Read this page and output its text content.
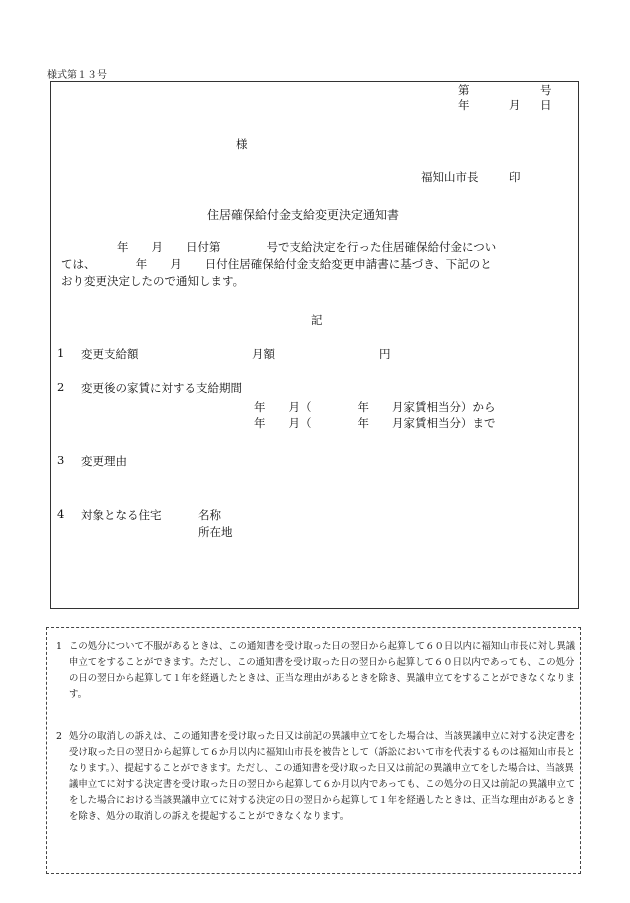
様式第１３号
第	号
年	月 日
様
福知山市長	印
住居確保給付金支給変更決定通知書
年　　月　　日付第　　　　号で支給決定を行った住居確保給付金につい
ては、　　　　年　　月　　日付住居確保給付金支給変更申請書に基づき、下記のと
おり変更決定したので通知します。
記
1 変更支給額	月額	円
2 変更後の家賃に対する支給期間
年　　月（　　　　年　　月家賃相当分）から
年　　月（　　　　年　　月家賃相当分）まで
3 変更理由
4 対象となる住宅	名称
所在地
1 この処分について不服があるときは、この通知書を受け取った日の翌日から起算して６０日以内に福知山市長に対し異議申立てをすることができます。ただし、この通知書を受け取った日の翌日から起算して６０日以内であっても、この処分の日の翌日から起算して１年を経過したときは、正当な理由があるときを除き、異議申立てをすることができなくなります。
2 処分の取消しの訴えは、この通知書を受け取った日又は前記の異議申立てをした場合は、当該異議申立に対する決定書を受け取った日の翌日から起算して６か月以内に福知山市長を被告として（訴訟において市を代表するものは福知山市長となります。）、提起することができます。ただし、この通知書を受け取った日又は前記の異議申立てをした場合は、当該異議申立てに対する決定書を受け取った日の翌日から起算して６か月以内であっても、この処分の日又は前記の異議申立てをした場合における当該異議申立てに対する決定の日の翌日から起算して１年を経過したときは、正当な理由があるときを除き、処分の取消しの訴えを提起することができなくなります。
